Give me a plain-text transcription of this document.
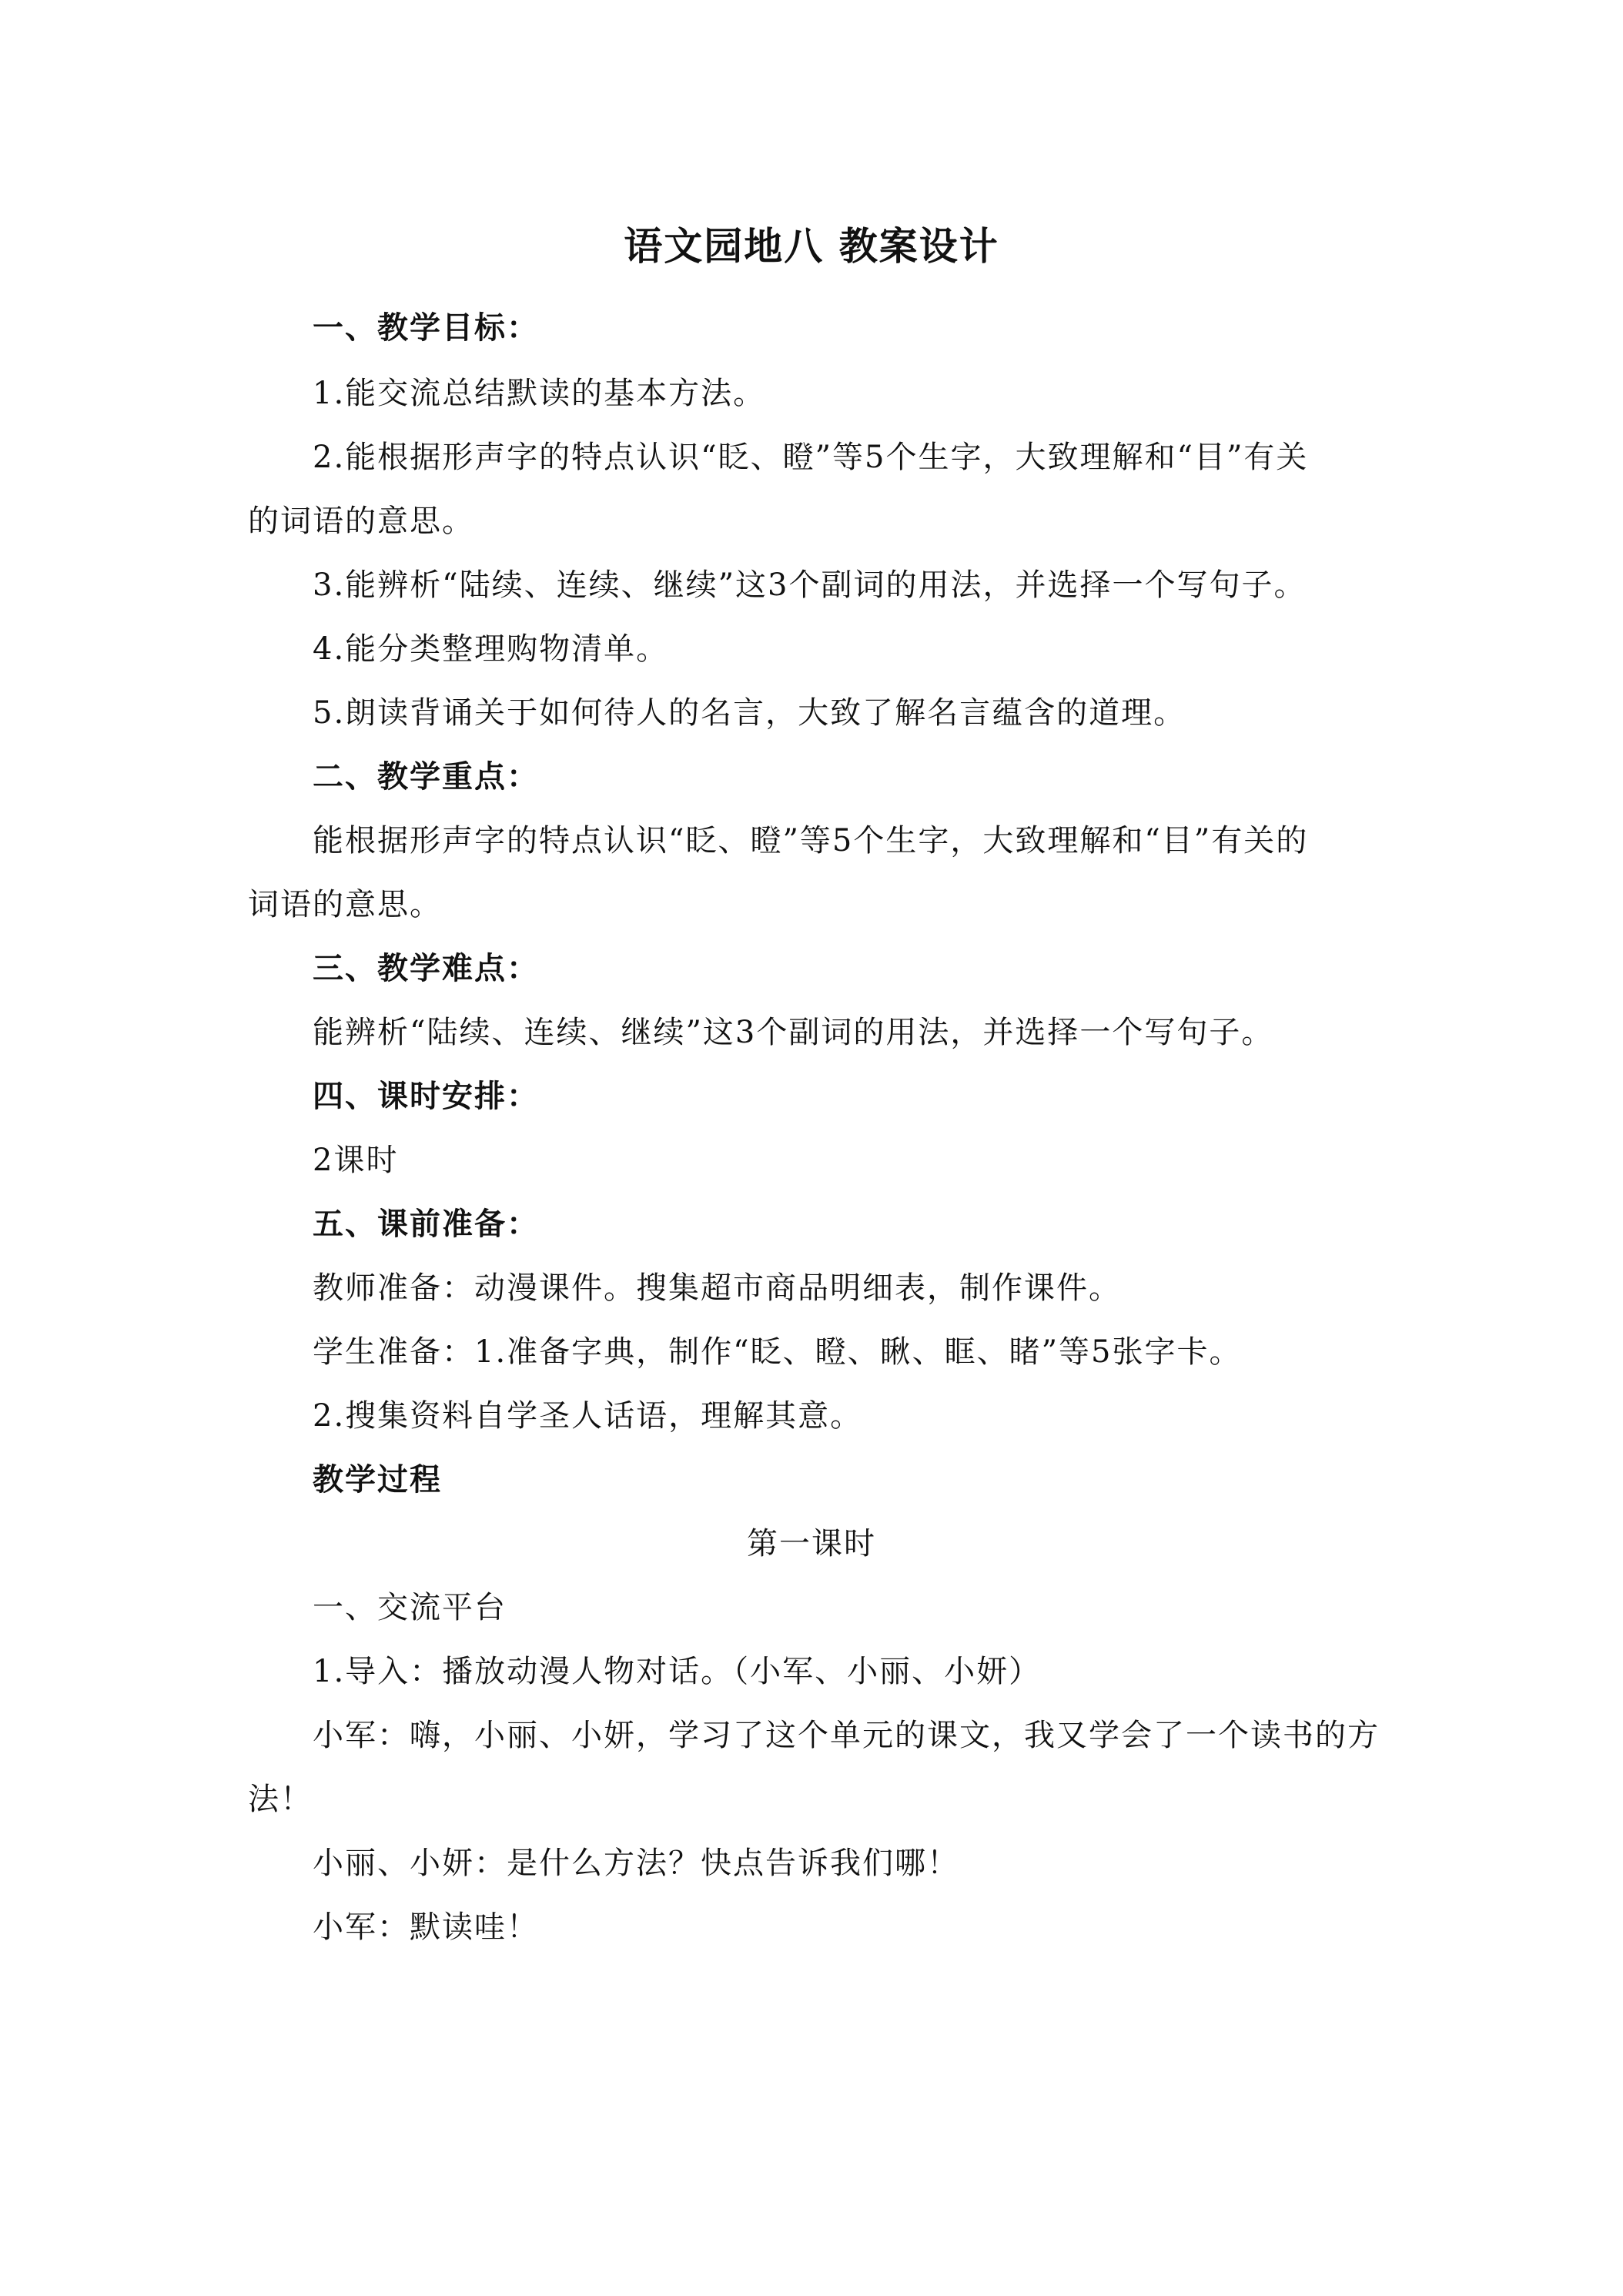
语文园地八 教案设计
一、教学目标：
1.能交流总结默读的基本方法。
2.能根据形声字的特点认识“眨、瞪”等5个生字，大致理解和“目”有关
的词语的意思。
3.能辨析“陆续、连续、继续”这3个副词的用法，并选择一个写句子。
4.能分类整理购物清单。
5.朗读背诵关于如何待人的名言，大致了解名言蕴含的道理。
二、教学重点：
能根据形声字的特点认识“眨、瞪”等5个生字，大致理解和“目”有关的
词语的意思。
三、教学难点：
能辨析“陆续、连续、继续”这3个副词的用法，并选择一个写句子。
四、课时安排：
2课时
五、课前准备：
教师准备：动漫课件。搜集超市商品明细表，制作课件。
学生准备：1.准备字典，制作“眨、瞪、瞅、眶、睹”等5张字卡。
2.搜集资料自学圣人话语，理解其意。
教学过程
第一课时
一、交流平台
1.导入：播放动漫人物对话。（小军、小丽、小妍）
小军：嗨，小丽、小妍，学习了这个单元的课文，我又学会了一个读书的方
法！
小丽、小妍：是什么方法？快点告诉我们哪！
小军：默读哇！
